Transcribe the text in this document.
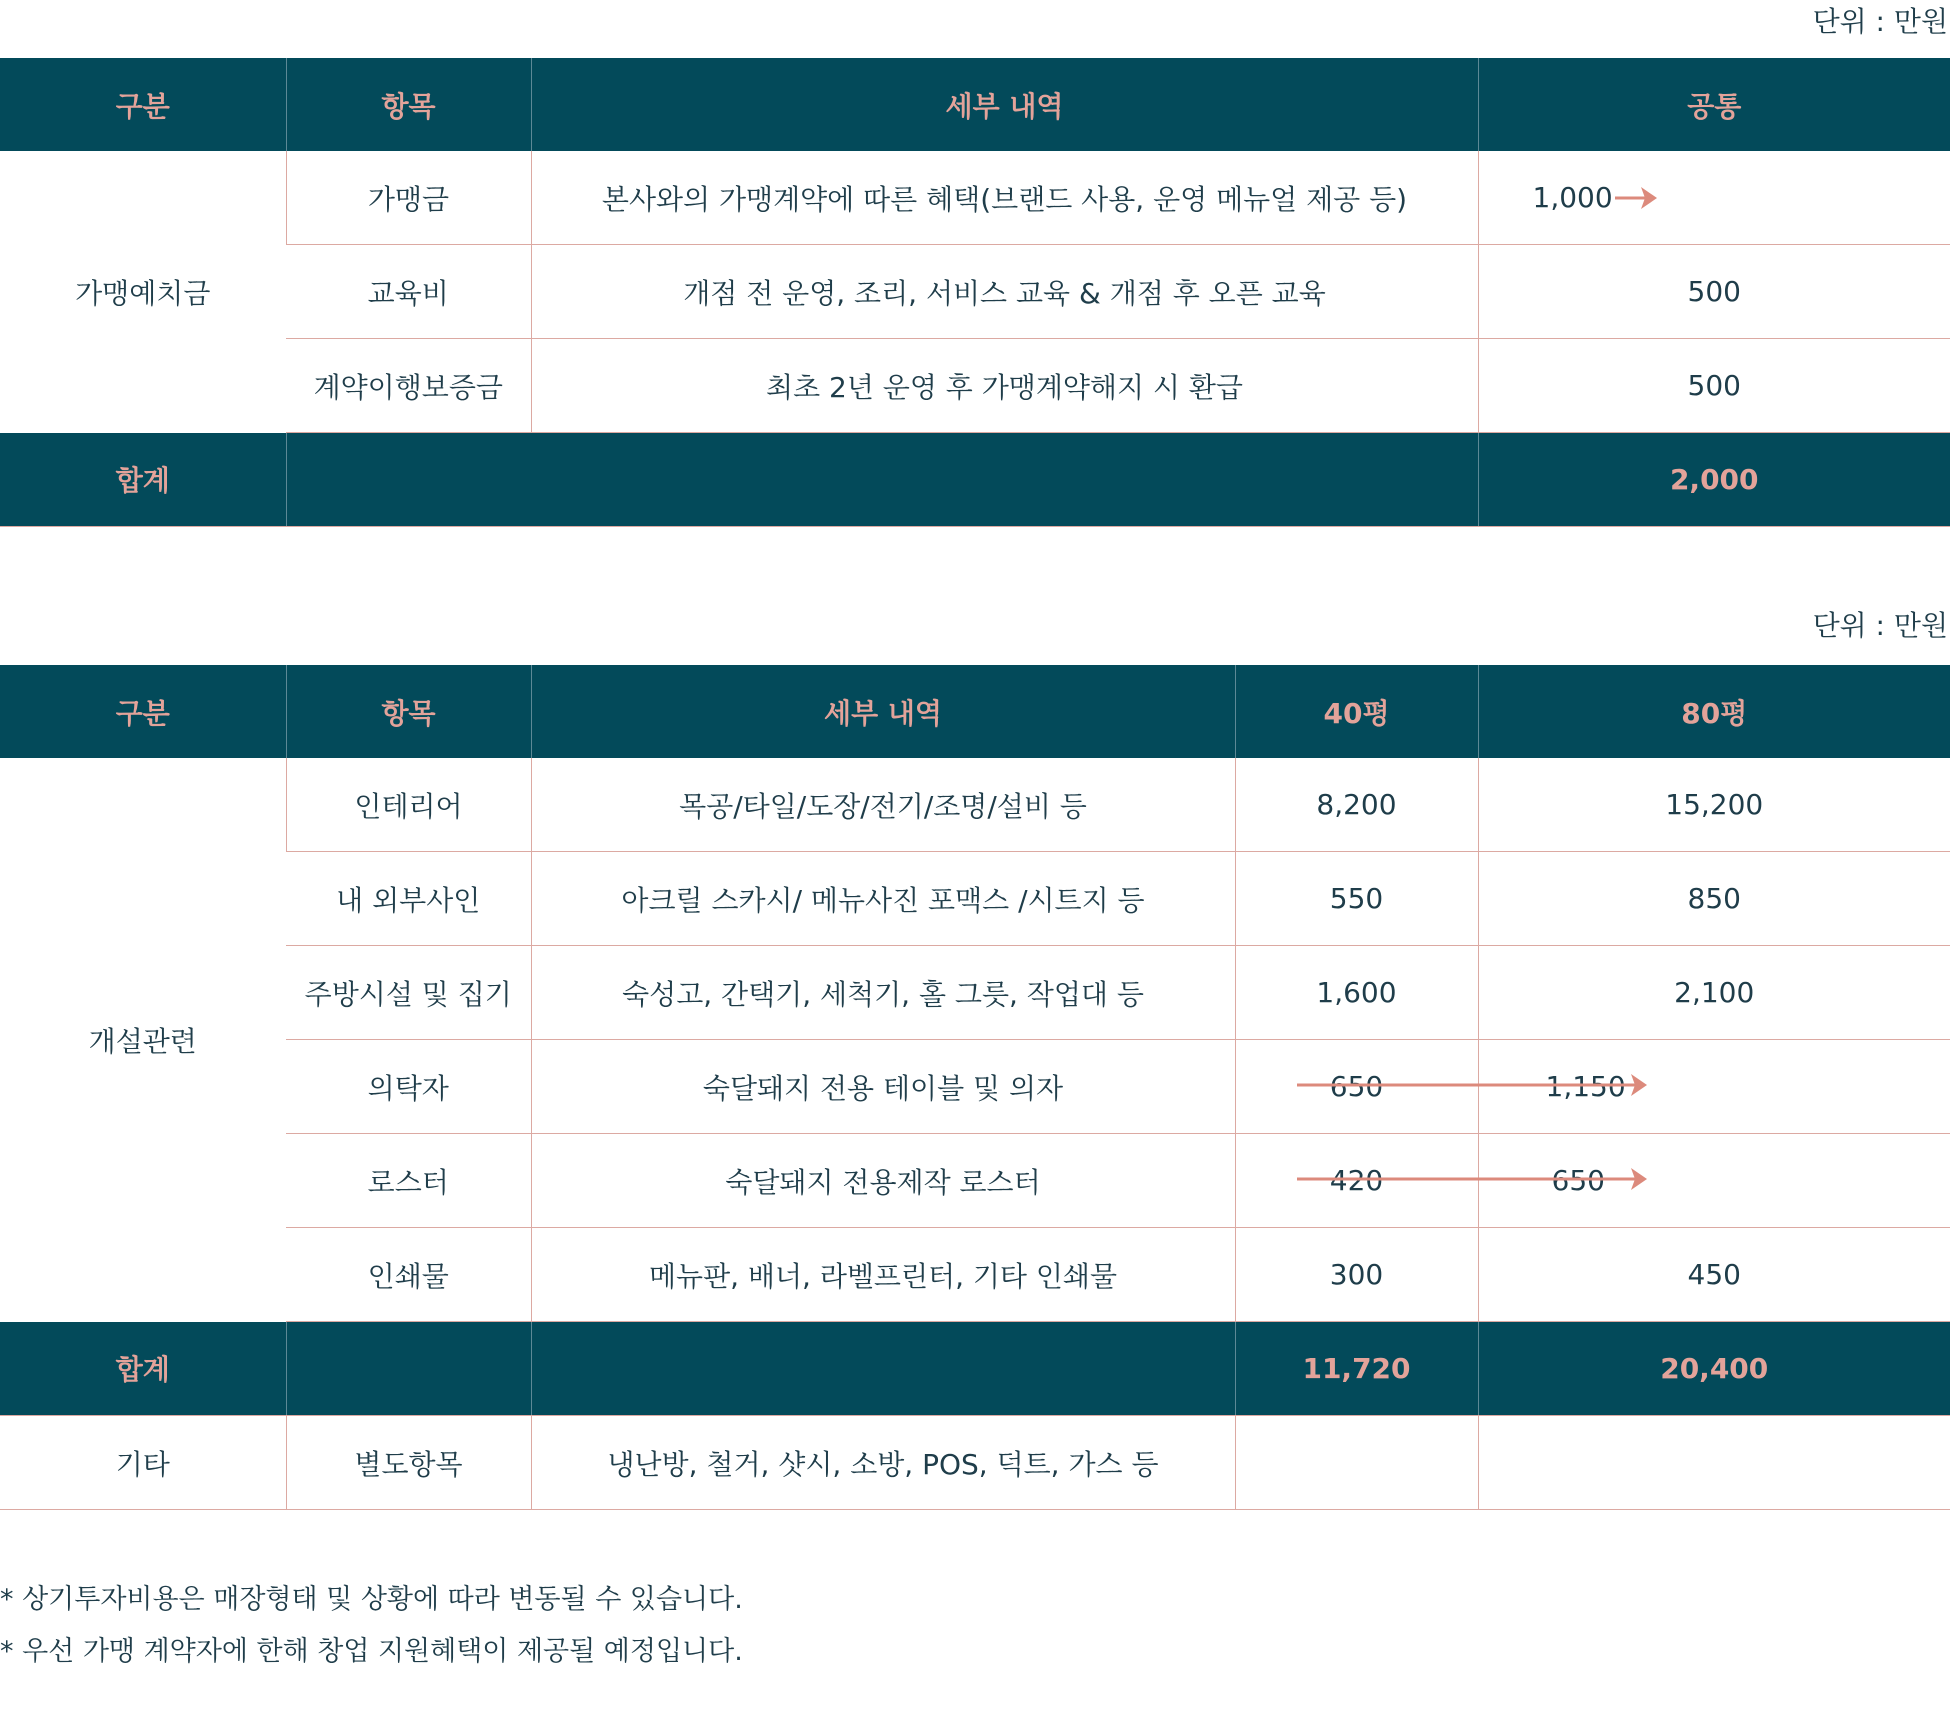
단위 : 만원
구분	항목	세부 내역	공통
가맹예치금	가맹금	본사와의 가맹계약에 따른 혜택(브랜드 사용, 운영 메뉴얼 제공 등)	1,000

	교육비	개점 전 운영, 조리, 서비스 교육 & 개점 후 오픈 교육	500
	계약이행보증금	최초 2년 운영 후 가맹계약해지 시 환급	500
합계			2,000
단위 : 만원
구분	항목	세부 내역	40평	80평
개설관련	인테리어	목공/타일/도장/전기/조명/설비 등	8,200	15,200
	내 외부사인	아크릴 스카시/ 메뉴사진 포맥스 /시트지 등	550	850
	주방시설 및 집기	숙성고, 간택기, 세척기, 홀 그릇, 작업대 등	1,600	2,100
	의탁자	숙달돼지 전용 테이블 및 의자	650	1,150
	로스터	숙달돼지 전용제작 로스터	420	650
	인쇄물	메뉴판, 배너, 라벨프린터, 기타 인쇄물	300	450
합계			11,720	20,400
기타	별도항목	냉난방, 철거, 샷시, 소방, POS, 덕트, 가스 등		
* 상기투자비용은 매장형태 및 상황에 따라 변동될 수 있습니다.
* 우선 가맹 계약자에 한해 창업 지원혜택이 제공될 예정입니다.
